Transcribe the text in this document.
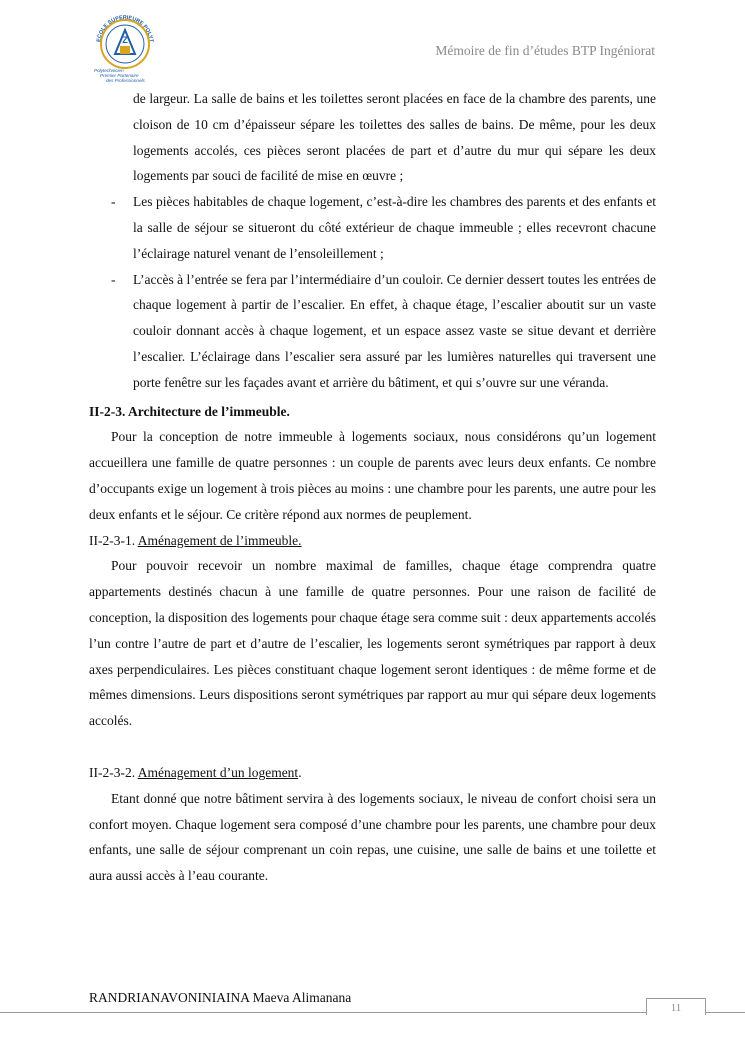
ECOLE SUPERIEURE POLYT
Z
Polytechnicien
Premier Partenaire
des Professionnels
Mémoire de fin d’études BTP Ingéniorat
de largeur. La salle de bains et les toilettes seront placées en face de la chambre des parents, une cloison de 10 cm d’épaisseur sépare les toilettes des salles de bains. De même, pour les deux logements accolés, ces pièces seront placées de part et d’autre du mur qui sépare les deux logements par souci de facilité de mise en œuvre ;
- Les pièces habitables de chaque logement, c’est-à-dire les chambres des parents et des enfants et la salle de séjour se situeront du côté extérieur de chaque immeuble ; elles recevront chacune l’éclairage naturel venant de l’ensoleillement ;
- L’accès à l’entrée se fera par l’intermédiaire d’un couloir. Ce dernier dessert toutes les entrées de chaque logement à partir de l’escalier. En effet, à chaque étage, l’escalier aboutit sur un vaste couloir donnant accès à chaque logement, et un espace assez vaste se situe devant et derrière l’escalier. L’éclairage dans l’escalier sera assuré par les lumières naturelles qui traversent une porte fenêtre sur les façades avant et arrière du bâtiment, et qui s’ouvre sur une véranda.
II-2-3. Architecture de l’immeuble.
Pour la conception de notre immeuble à logements sociaux, nous considérons qu’un logement accueillera une famille de quatre personnes : un couple de parents avec leurs deux enfants. Ce nombre d’occupants exige un logement à trois pièces au moins : une chambre pour les parents, une autre pour les deux enfants et le séjour. Ce critère répond aux normes de peuplement.
II-2-3-1. Aménagement de l’immeuble.
Pour pouvoir recevoir un nombre maximal de familles, chaque étage comprendra quatre appartements destinés chacun à une famille de quatre personnes. Pour une raison de facilité de conception, la disposition des logements pour chaque étage sera comme suit : deux appartements accolés l’un contre l’autre de part et d’autre de l’escalier, les logements seront symétriques par rapport à deux axes perpendiculaires. Les pièces constituant chaque logement seront identiques : de même forme et de mêmes dimensions. Leurs dispositions seront symétriques par rapport au mur qui sépare deux logements accolés.
II-2-3-2. Aménagement d’un logement.
Etant donné que notre bâtiment servira à des logements sociaux, le niveau de confort choisi sera un confort moyen. Chaque logement sera composé d’une chambre pour les parents, une chambre pour deux enfants, une salle de séjour comprenant un coin repas, une cuisine, une salle de bains et une toilette et aura aussi accès à l’eau courante.
RANDRIANAVONINIAINA Maeva Alimanana
11
